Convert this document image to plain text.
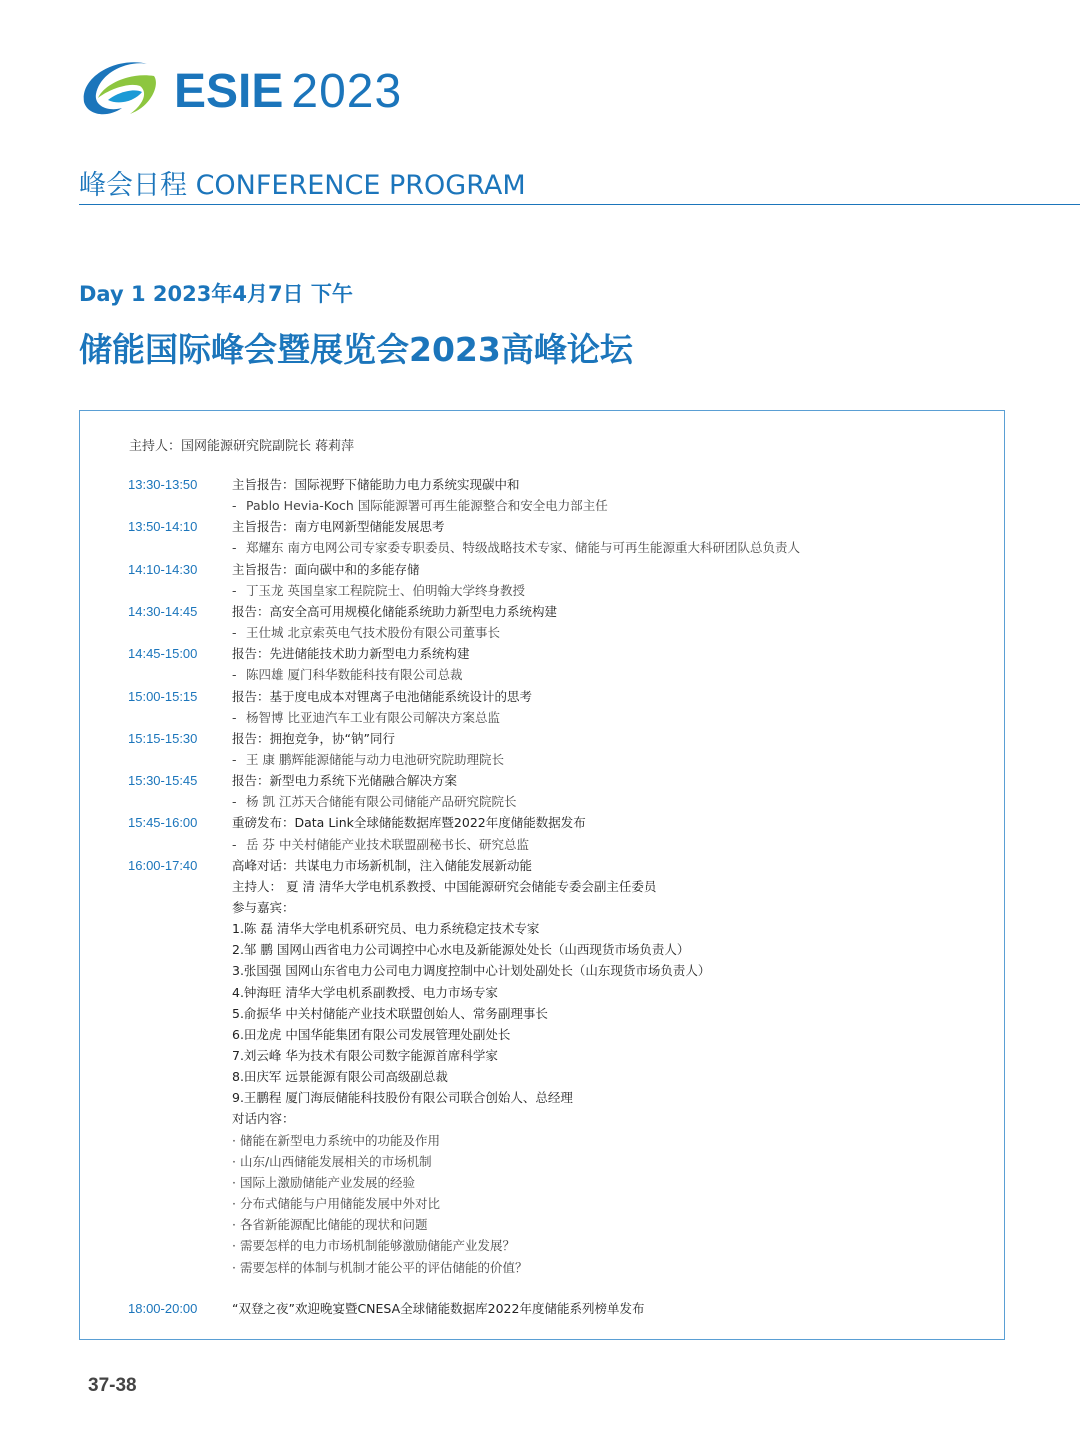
ESIE 2023
峰会日程 CONFERENCE PROGRAM
Day 1 2023年4月7日 下午
储能国际峰会暨展览会2023高峰论坛
主持人：国网能源研究院副院长 蒋莉萍
13:30-13:50	主旨报告：国际视野下储能助力电力系统实现碳中和
- Pablo Hevia-Koch 国际能源署可再生能源整合和安全电力部主任
13:50-14:10	主旨报告：南方电网新型储能发展思考
- 郑耀东 南方电网公司专家委专职委员、特级战略技术专家、储能与可再生能源重大科研团队总负责人
14:10-14:30	主旨报告：面向碳中和的多能存储
- 丁玉龙 英国皇家工程院院士、伯明翰大学终身教授
14:30-14:45	报告：高安全高可用规模化储能系统助力新型电力系统构建
- 王仕城 北京索英电气技术股份有限公司董事长
14:45-15:00	报告：先进储能技术助力新型电力系统构建
- 陈四雄 厦门科华数能科技有限公司总裁
15:00-15:15	报告：基于度电成本对锂离子电池储能系统设计的思考
- 杨智博 比亚迪汽车工业有限公司解决方案总监
15:15-15:30	报告：拥抱竞争，协“钠”同行
- 王 康 鹏辉能源储能与动力电池研究院助理院长
15:30-15:45	报告：新型电力系统下光储融合解决方案
- 杨 凯 江苏天合储能有限公司储能产品研究院院长
15:45-16:00	重磅发布：Data Link全球储能数据库暨2022年度储能数据发布
- 岳 芬 中关村储能产业技术联盟副秘书长、研究总监
16:00-17:40	高峰对话：共谋电力市场新机制，注入储能发展新动能
主持人： 夏 清 清华大学电机系教授、中国能源研究会储能专委会副主任委员
参与嘉宾：
1.陈 磊 清华大学电机系研究员、电力系统稳定技术专家
2.邹 鹏 国网山西省电力公司调控中心水电及新能源处处长（山西现货市场负责人）
3.张国强 国网山东省电力公司电力调度控制中心计划处副处长（山东现货市场负责人）
4.钟海旺 清华大学电机系副教授、电力市场专家
5.俞振华 中关村储能产业技术联盟创始人、常务副理事长
6.田龙虎 中国华能集团有限公司发展管理处副处长
7.刘云峰 华为技术有限公司数字能源首席科学家
8.田庆军 远景能源有限公司高级副总裁
9.王鹏程 厦门海辰储能科技股份有限公司联合创始人、总经理
对话内容：
· 储能在新型电力系统中的功能及作用
· 山东/山西储能发展相关的市场机制
· 国际上激励储能产业发展的经验
· 分布式储能与户用储能发展中外对比
· 各省新能源配比储能的现状和问题
· 需要怎样的电力市场机制能够激励储能产业发展？
· 需要怎样的体制与机制才能公平的评估储能的价值？
18:00-20:00	“双登之夜”欢迎晚宴暨CNESA全球储能数据库2022年度储能系列榜单发布
37-38
